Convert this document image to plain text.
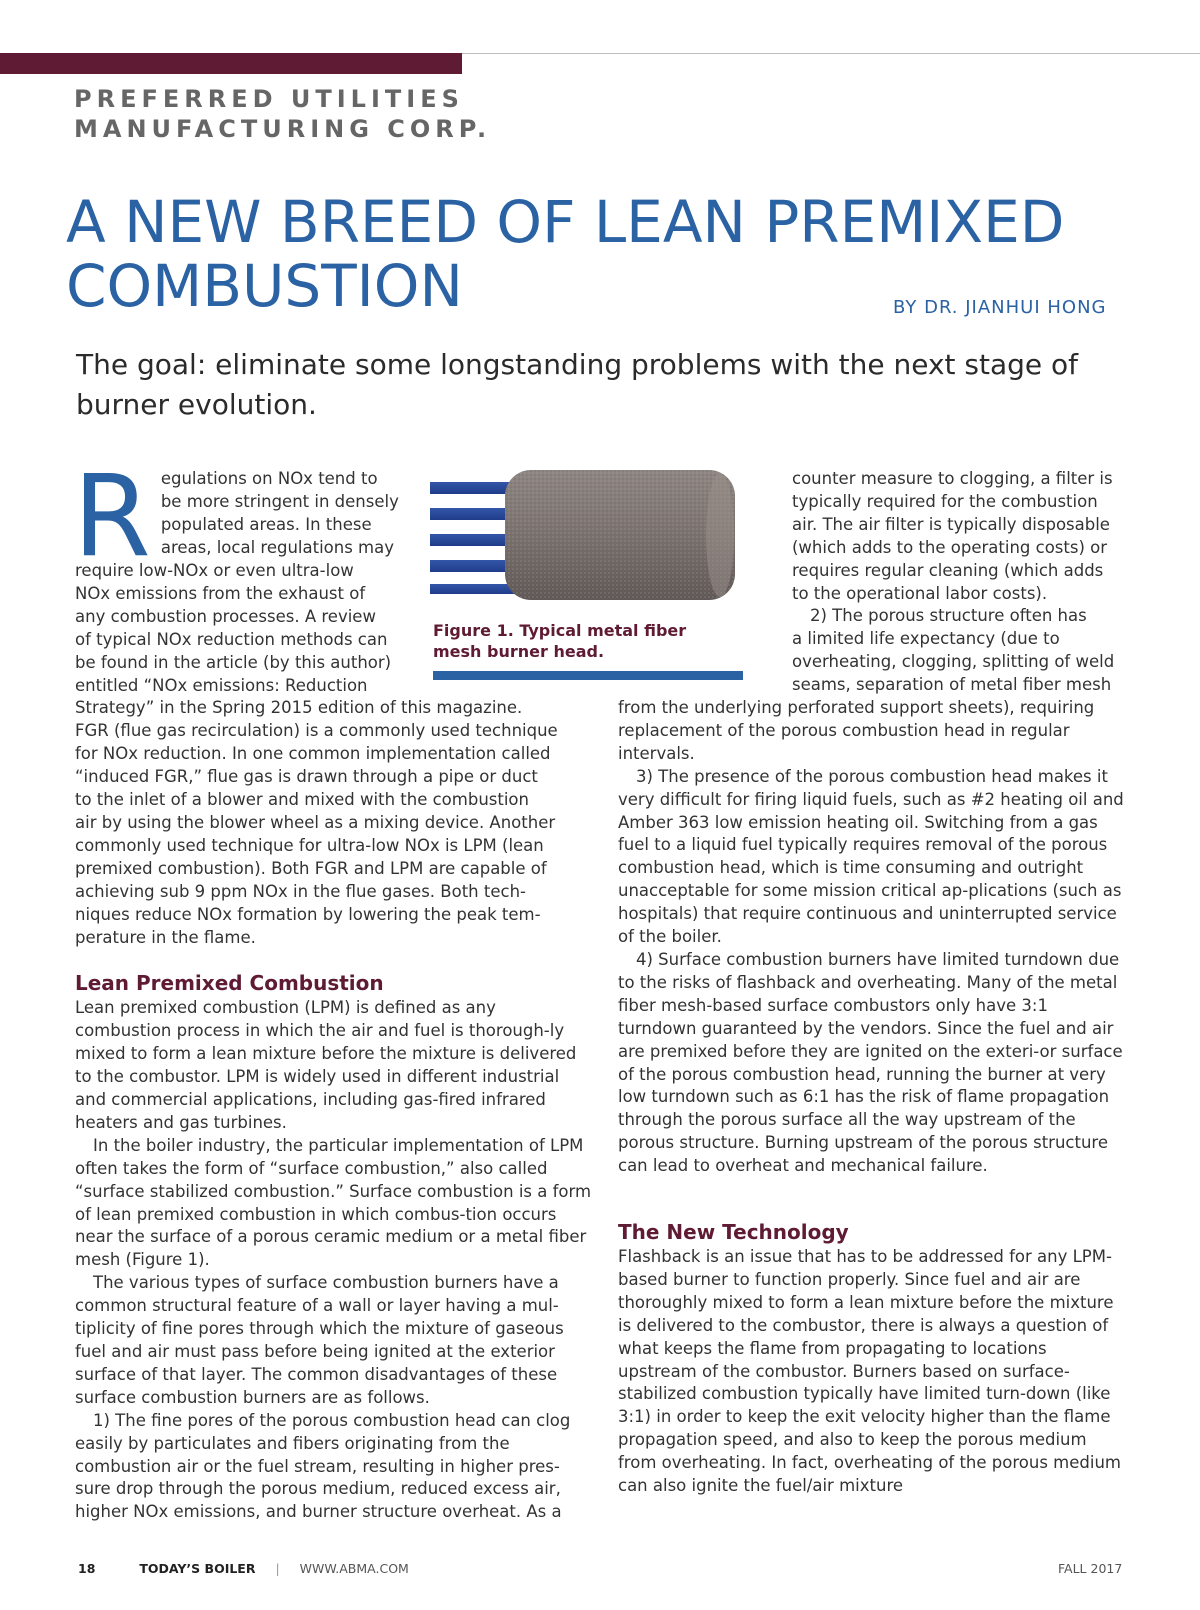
PREFERRED UTILITIES
MANUFACTURING CORP.
A NEW BREED OF LEAN PREMIXED
COMBUSTION	BY DR. JIANHUI HONG
The goal: eliminate some longstanding problems with the next stage of burner evolution.
Figure 1. Typical metal fiber
mesh burner head.
R egulations on NOx tend to
be more stringent in densely
populated areas. In these
areas, local regulations may
require low-NOx or even ultra-low
NOx emissions from the exhaust of
any combustion processes. A review
of typical NOx reduction methods can
be found in the article (by this author)
entitled “NOx emissions: Reduction
Strategy” in the Spring 2015 edition of this magazine.
FGR (flue gas recirculation) is a commonly used technique
for NOx reduction. In one common implementation called
“induced FGR,” flue gas is drawn through a pipe or duct
to the inlet of a blower and mixed with the combustion
air by using the blower wheel as a mixing device. Another
commonly used technique for ultra-low NOx is LPM (lean
premixed combustion). Both FGR and LPM are capable of
achieving sub 9 ppm NOx in the flue gases. Both tech-
niques reduce NOx formation by lowering the peak tem-
perature in the flame.
Lean Premixed Combustion

Lean premixed combustion (LPM) is defined as any combustion process in which the air and fuel is thorough-ly mixed to form a lean mixture before the mixture is delivered to the combustor. LPM is widely used in different industrial and commercial applications, including gas-fired infrared heaters and gas turbines.

In the boiler industry, the particular implementation of LPM often takes the form of “surface combustion,” also called “surface stabilized combustion.” Surface combustion is a form of lean premixed combustion in which combus-tion occurs near the surface of a porous ceramic medium or a metal fiber mesh (Figure 1).

The various types of surface combustion burners have a common structural feature of a wall or layer having a mul-tiplicity of fine pores through which the mixture of gaseous fuel and air must pass before being ignited at the exterior surface of that layer. The common disadvantages of these surface combustion burners are as follows.

1) The fine pores of the porous combustion head can clog easily by particulates and fibers originating from the combustion air or the fuel stream, resulting in higher pres-sure drop through the porous medium, reduced excess air, higher NOx emissions, and burner structure overheat. As a

counter measure to clogging, a filter is
typically required for the combustion
air. The air filter is typically disposable
(which adds to the operating costs) or
requires regular cleaning (which adds
to the operational labor costs).
2) The porous structure often has
a limited life expectancy (due to
overheating, clogging, splitting of weld
seams, separation of metal fiber mesh

from the underlying perforated support sheets), requiring replacement of the porous combustion head in regular intervals.

3) The presence of the porous combustion head makes it very difficult for firing liquid fuels, such as #2 heating oil and Amber 363 low emission heating oil. Switching from a gas fuel to a liquid fuel typically requires removal of the porous combustion head, which is time consuming and outright unacceptable for some mission critical ap-plications (such as hospitals) that require continuous and uninterrupted service of the boiler.

4) Surface combustion burners have limited turndown due to the risks of flashback and overheating. Many of the metal fiber mesh-based surface combustors only have 3:1 turndown guaranteed by the vendors. Since the fuel and air are premixed before they are ignited on the exteri-or surface of the porous combustion head, running the burner at very low turndown such as 6:1 has the risk of flame propagation through the porous surface all the way upstream of the porous structure. Burning upstream of the porous structure can lead to overheat and mechanical failure.

The New Technology

Flashback is an issue that has to be addressed for any LPM-based burner to function properly. Since fuel and air are thoroughly mixed to form a lean mixture before the mixture is delivered to the combustor, there is always a question of what keeps the flame from propagating to locations upstream of the combustor. Burners based on surface-stabilized combustion typically have limited turn-down (like 3:1) in order to keep the exit velocity higher than the flame propagation speed, and also to keep the porous medium from overheating. In fact, overheating of the porous medium can also ignite the fuel/air mixture

18	TODAY’S BOILER | WWW.ABMA.COM	FALL 2017
